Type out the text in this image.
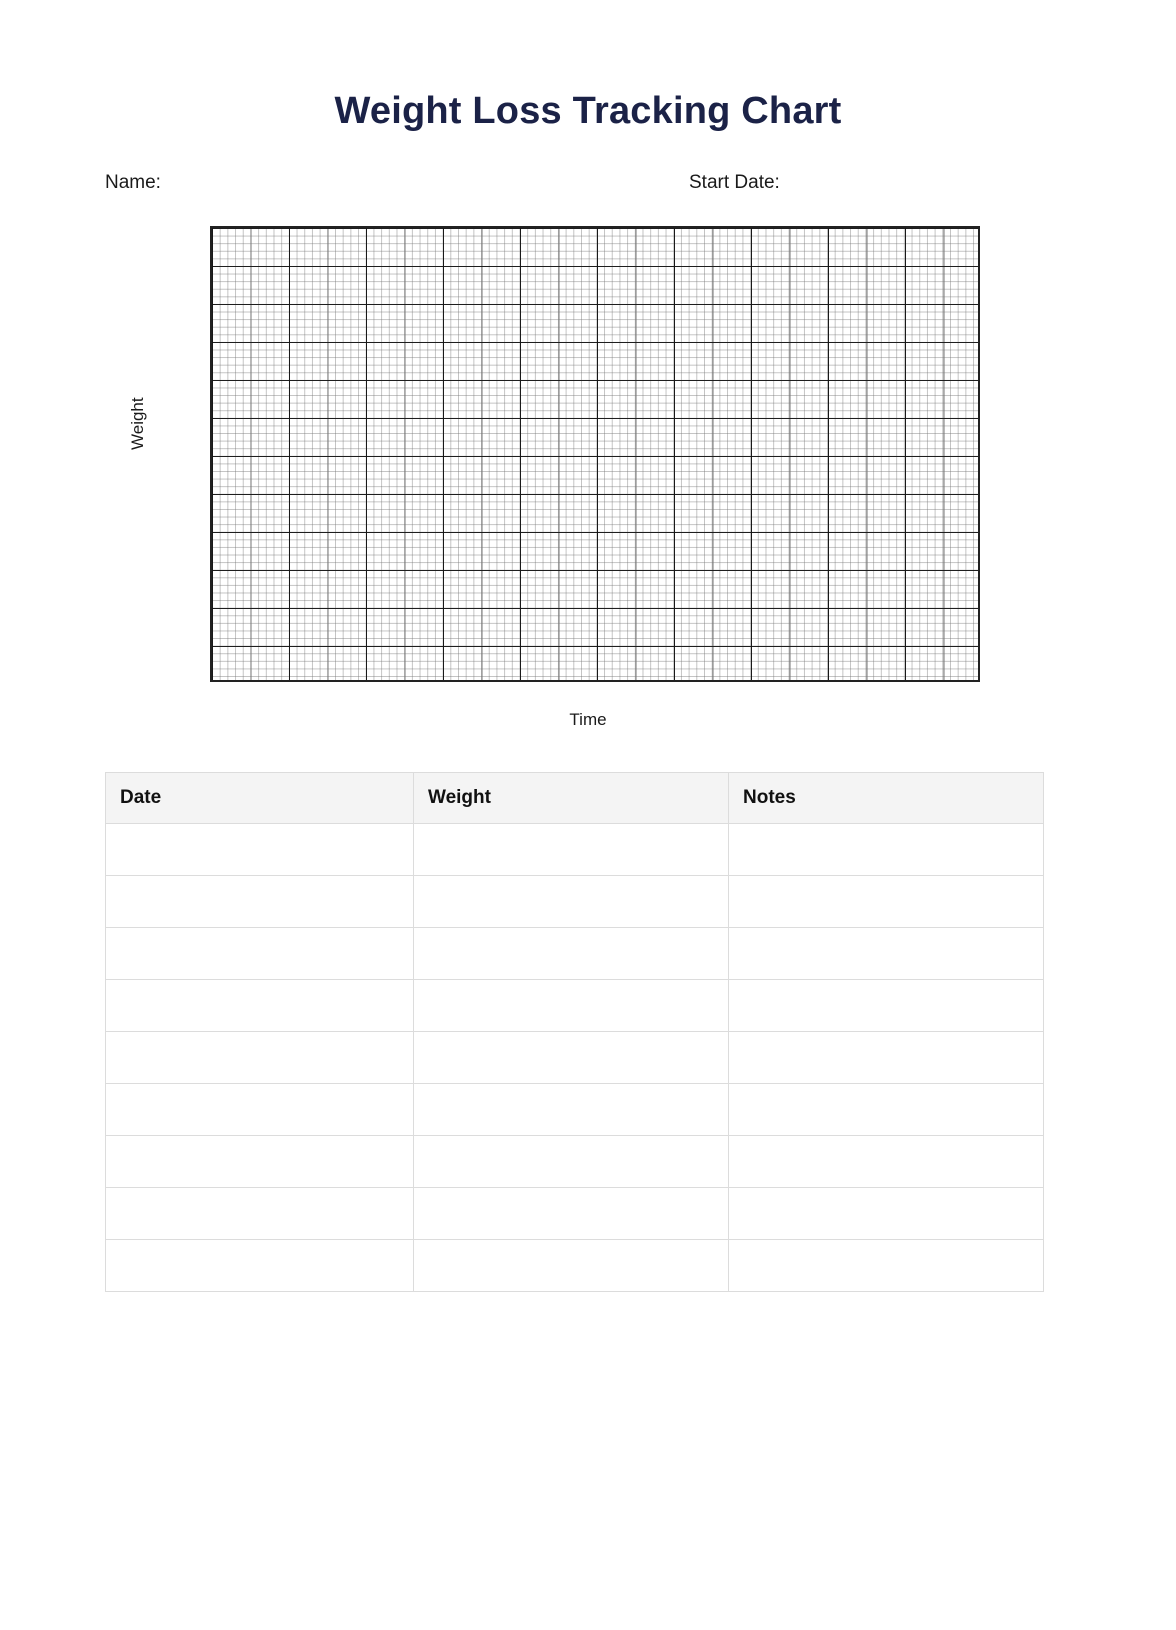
Weight Loss Tracking Chart
Name:	Start Date:
Weight
Time
Date	Weight	Notes
